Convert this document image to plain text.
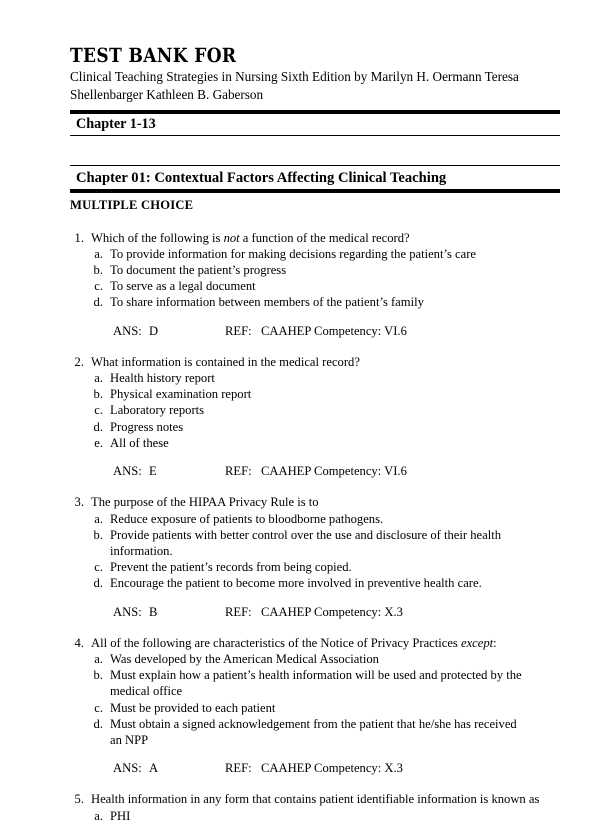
TEST BANK FOR
Clinical Teaching Strategies in Nursing Sixth Edition by Marilyn H. Oermann Teresa Shellenbarger Kathleen B. Gaberson
Chapter 1-13
Chapter 01: Contextual Factors Affecting Clinical Teaching
MULTIPLE CHOICE
1. Which of the following is not a function of the medical record?
a. To provide information for making decisions regarding the patient’s care
b. To document the patient’s progress
c. To serve as a legal document
d. To share information between members of the patient’s family
ANS: D	REF: CAAHEP Competency: VI.6
2. What information is contained in the medical record?
a. Health history report
b. Physical examination report
c. Laboratory reports
d. Progress notes
e. All of these
ANS: E	REF: CAAHEP Competency: VI.6
3. The purpose of the HIPAA Privacy Rule is to
a. Reduce exposure of patients to bloodborne pathogens.
b. Provide patients with better control over the use and disclosure of their health information.
c. Prevent the patient’s records from being copied.
d. Encourage the patient to become more involved in preventive health care.
ANS: B	REF: CAAHEP Competency: X.3
4. All of the following are characteristics of the Notice of Privacy Practices except:
a. Was developed by the American Medical Association
b. Must explain how a patient’s health information will be used and protected by the medical office
c. Must be provided to each patient
d. Must obtain a signed acknowledgement from the patient that he/she has received an NPP
ANS: A	REF: CAAHEP Competency: X.3
5. Health information in any form that contains patient identifiable information is known as
a. PHI
